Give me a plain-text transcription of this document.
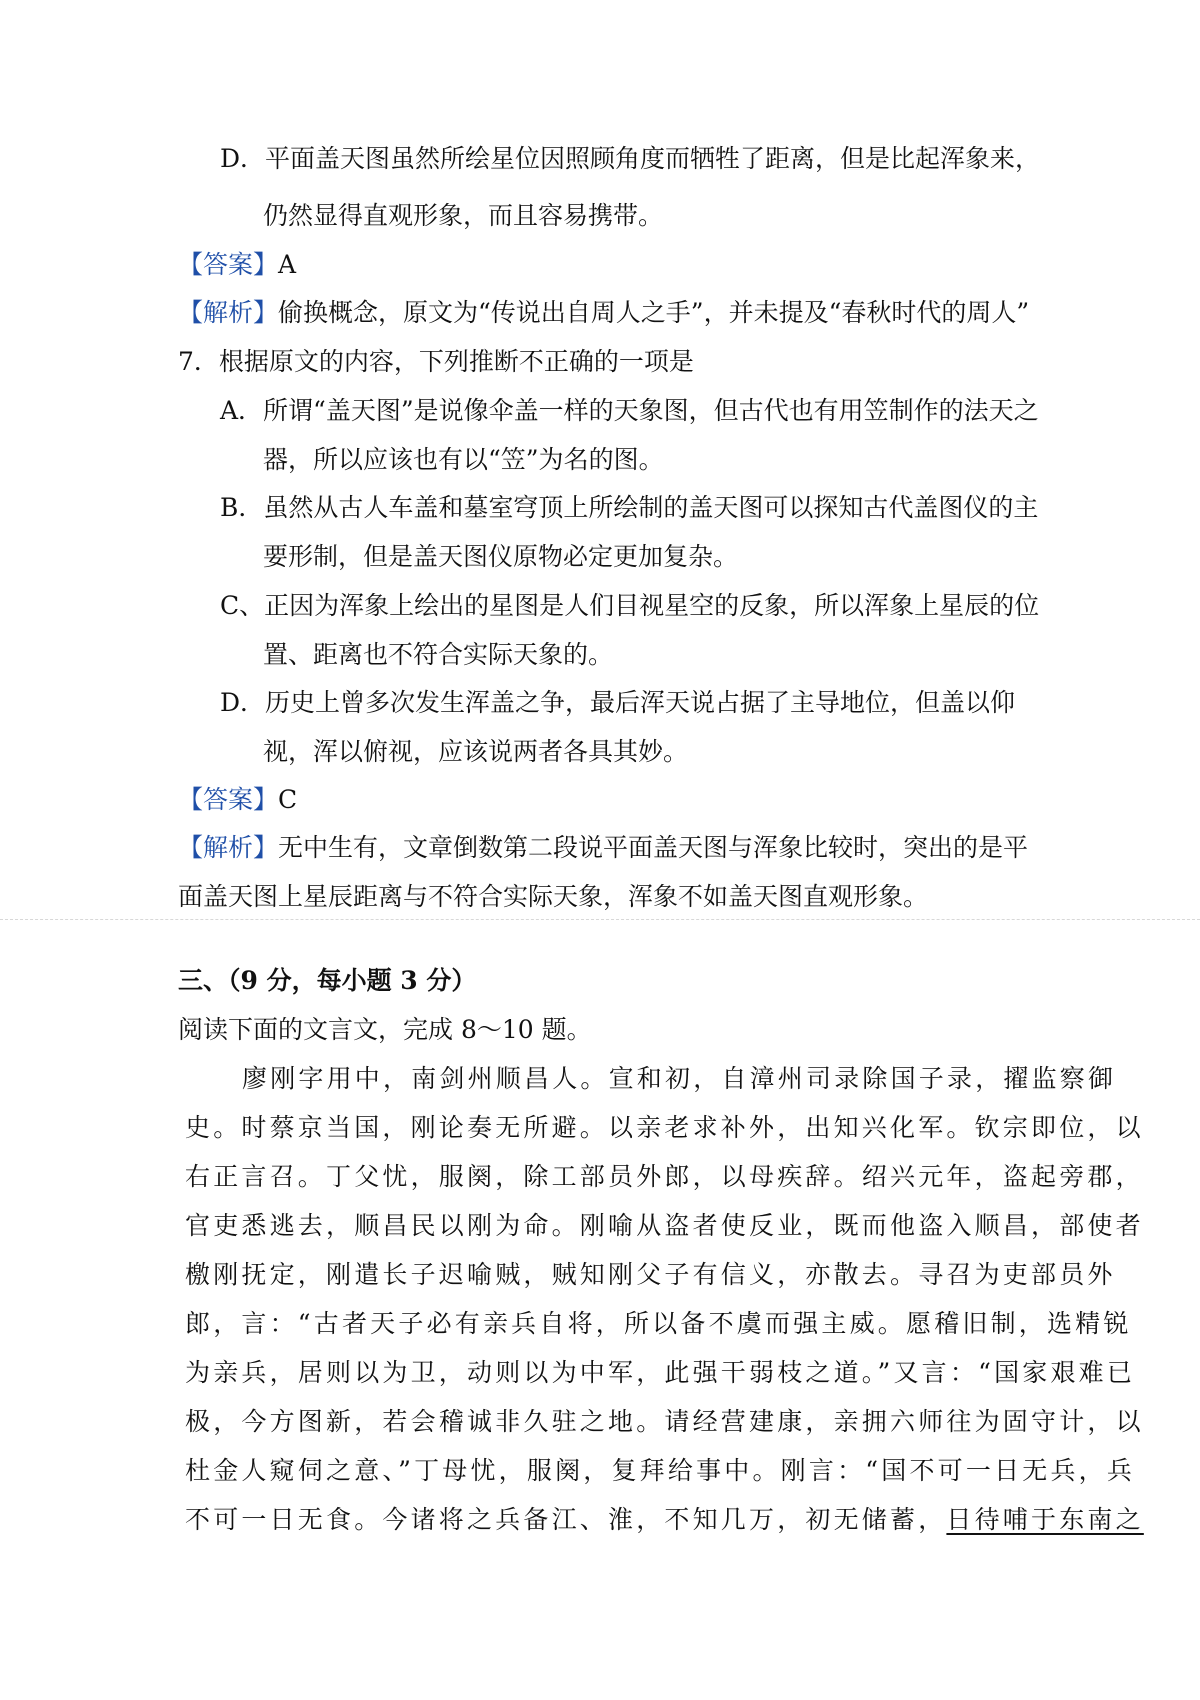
D．平面盖天图虽然所绘星位因照顾角度而牺牲了距离，但是比起浑象来，
仍然显得直观形象，而且容易携带。
【答案】A
【解析】偷换概念，原文为“传说出自周人之手”，并未提及“春秋时代的周人”
7．根据原文的内容，下列推断不正确的一项是
A．所谓“盖天图”是说像伞盖一样的天象图，但古代也有用笠制作的法天之
器，所以应该也有以“笠”为名的图。
B．虽然从古人车盖和墓室穹顶上所绘制的盖天图可以探知古代盖图仪的主
要形制，但是盖天图仪原物必定更加复杂。
C、正因为浑象上绘出的星图是人们目视星空的反象，所以浑象上星辰的位
置、距离也不符合实际天象的。
D．历史上曾多次发生浑盖之争，最后浑天说占据了主导地位，但盖以仰
视，浑以俯视，应该说两者各具其妙。
【答案】C
【解析】无中生有，文章倒数第二段说平面盖天图与浑象比较时，突出的是平
面盖天图上星辰距离与不符合实际天象，浑象不如盖天图直观形象。
三、（9 分，每小题 3 分）
阅读下面的文言文，完成 8～10 题。
廖刚字用中，南剑州顺昌人。宣和初，自漳州司录除国子录，擢监察御
史。时蔡京当国，刚论奏无所避。以亲老求补外，出知兴化军。钦宗即位，以
右正言召。丁父忧，服阕，除工部员外郎，以母疾辞。绍兴元年，盗起旁郡，
官吏悉逃去，顺昌民以刚为命。刚喻从盗者使反业，既而他盗入顺昌，部使者
檄刚抚定，刚遣长子迟喻贼，贼知刚父子有信义，亦散去。寻召为吏部员外
郎，言：“古者天子必有亲兵自将，所以备不虞而强主威。愿稽旧制，选精锐
为亲兵，居则以为卫，动则以为中军，此强干弱枝之道。”又言：“国家艰难已
极，今方图新，若会稽诚非久驻之地。请经营建康，亲拥六师往为固守计，以
杜金人窥伺之意、”丁母忧，服阕，复拜给事中。刚言：“国不可一日无兵，兵
不可一日无食。今诸将之兵备江、淮，不知几万，初无储蓄，日待哺于东南之
